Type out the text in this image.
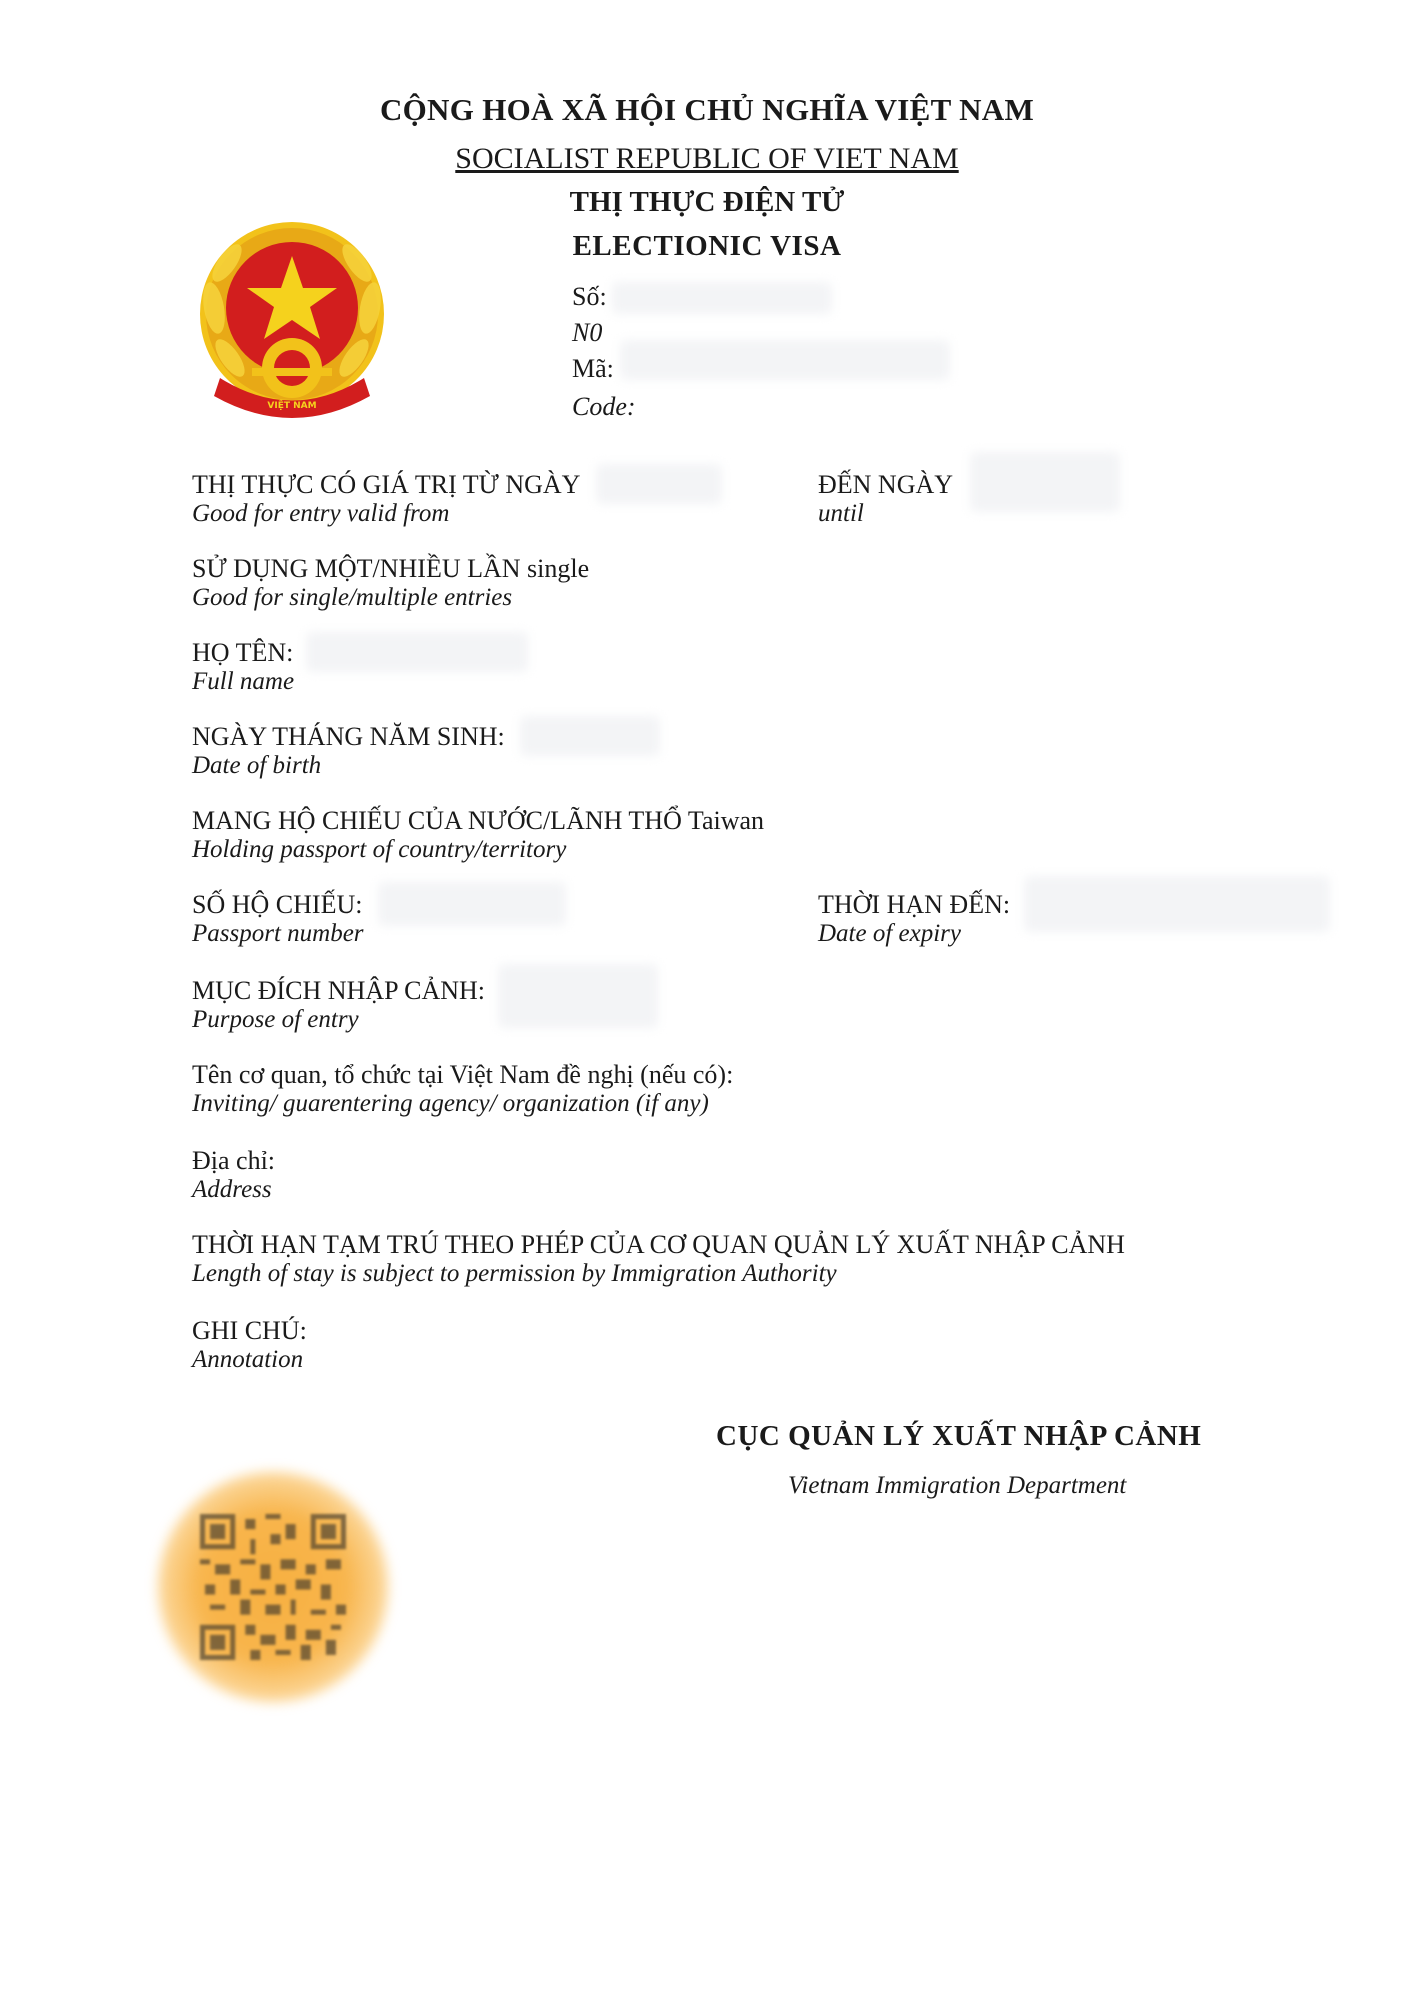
CỘNG HOÀ XÃ HỘI CHỦ NGHĨA VIỆT NAM
SOCIALIST REPUBLIC OF VIET NAM
THỊ THỰC ĐIỆN TỬ
ELECTIONIC VISA
VIỆT NAM
Số:
N0
Mã:
Code:
THỊ THỰC CÓ GIÁ TRỊ TỪ NGÀY
Good for entry valid from
ĐẾN NGÀY
until
SỬ DỤNG MỘT/NHIỀU LẦN single
Good for single/multiple entries
HỌ TÊN:
Full name
NGÀY THÁNG NĂM SINH:
Date of birth
MANG HỘ CHIẾU CỦA NƯỚC/LÃNH THỔ Taiwan
Holding passport of country/territory
SỐ HỘ CHIẾU:
Passport number
THỜI HẠN ĐẾN:
Date of expiry
MỤC ĐÍCH NHẬP CẢNH:
Purpose of entry
Tên cơ quan, tổ chức tại Việt Nam đề nghị (nếu có):
Inviting/ guarentering agency/ organization (if any)
Địa chỉ:
Address
THỜI HẠN TẠM TRÚ THEO PHÉP CỦA CƠ QUAN QUẢN LÝ XUẤT NHẬP CẢNH
Length of stay is subject to permission by Immigration Authority
GHI CHÚ:
Annotation
CỤC QUẢN LÝ XUẤT NHẬP CẢNH
Vietnam Immigration Department
